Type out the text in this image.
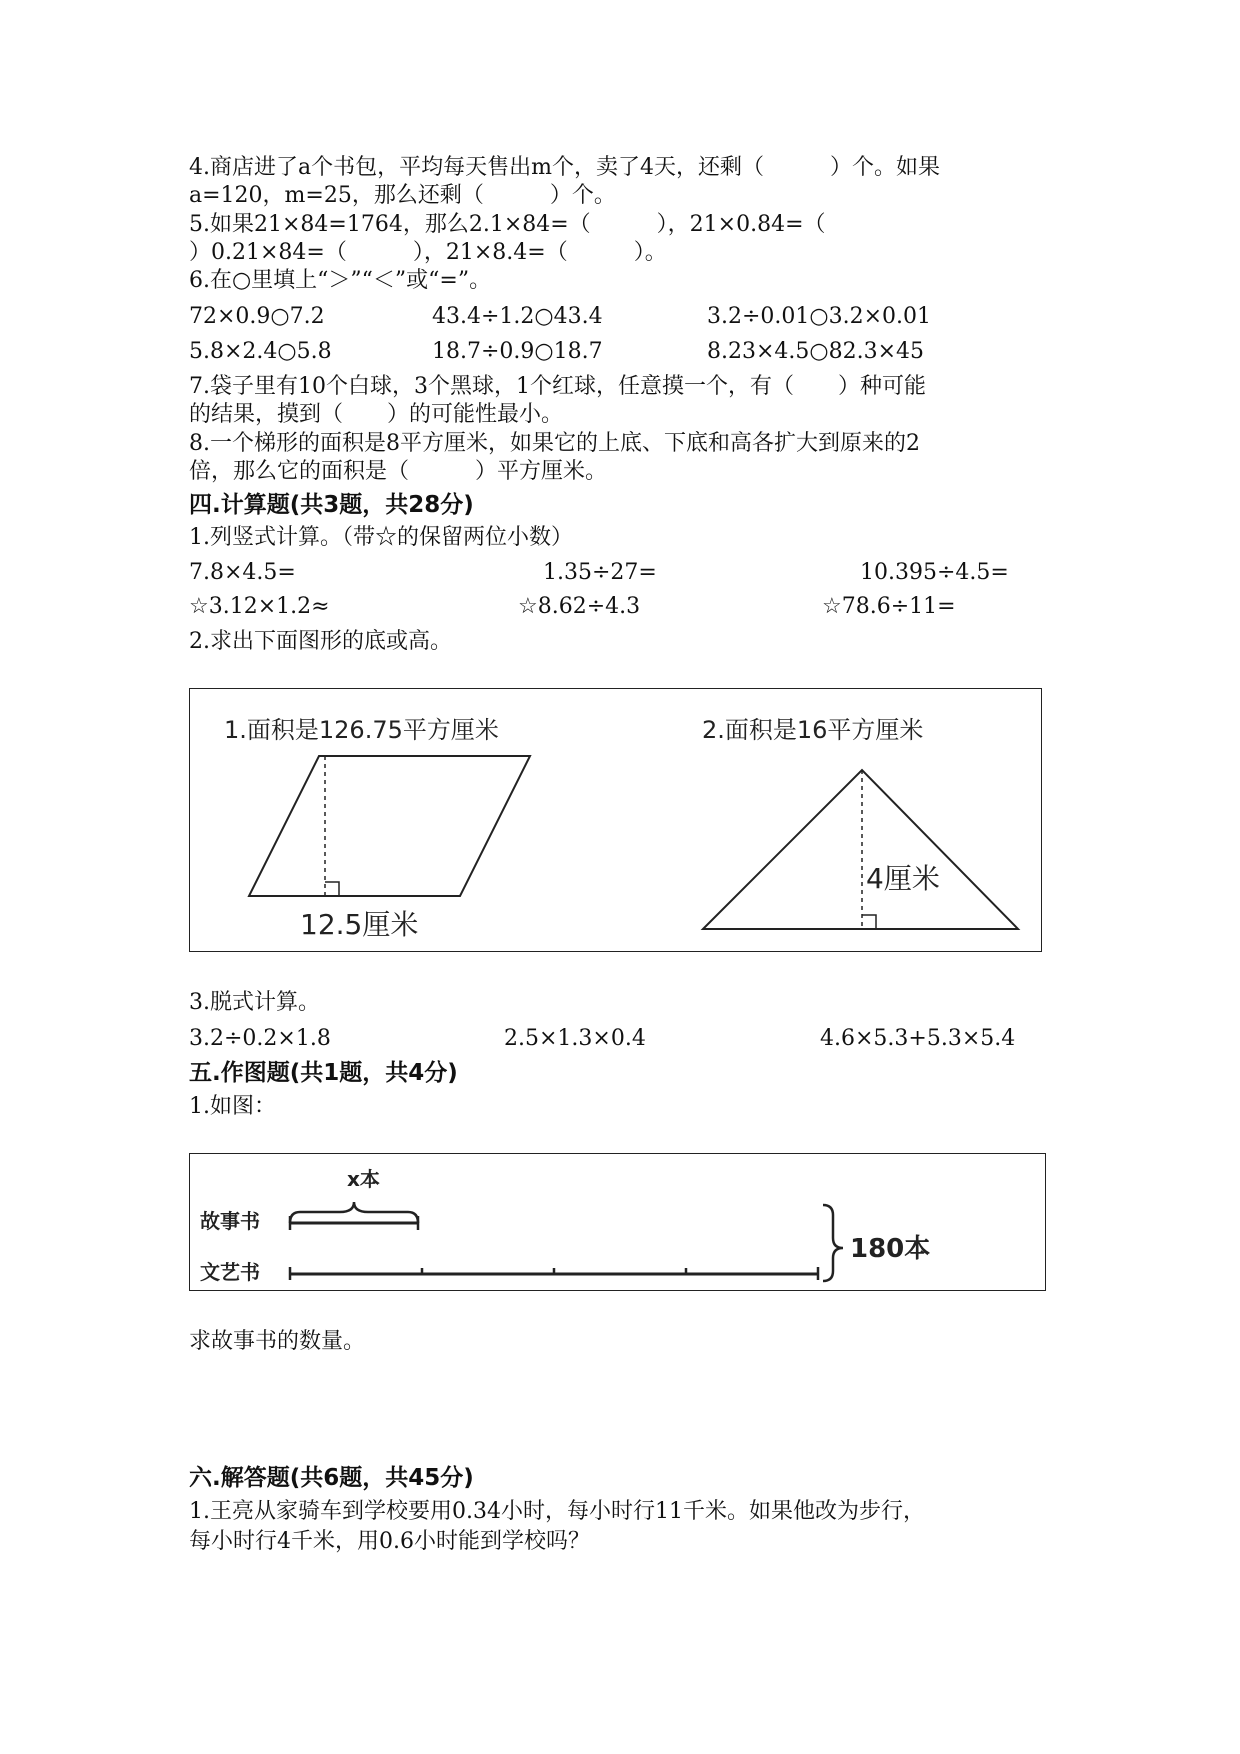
4.商店进了a个书包，平均每天售出m个，卖了4天，还剩（　　　）个。如果
a=120，m=25，那么还剩（　　　）个。
5.如果21×84=1764，那么2.1×84=（　　　），21×0.84=（
）0.21×84=（　　　），21×8.4=（　　　）。
6.在○里填上“＞”“＜”或“=”。
72×0.9○7.2	43.4÷1.2○43.4	3.2÷0.01○3.2×0.01
5.8×2.4○5.8	18.7÷0.9○18.7	8.23×4.5○82.3×45
7.袋子里有10个白球，3个黑球，1个红球，任意摸一个，有（　　）种可能
的结果，摸到（　　）的可能性最小。
8.一个梯形的面积是8平方厘米，如果它的上底、下底和高各扩大到原来的2
倍，那么它的面积是（　　　）平方厘米。
四.计算题(共3题，共28分)
1.列竖式计算。（带☆的保留两位小数）
7.8×4.5=	1.35÷27=	10.395÷4.5=
☆3.12×1.2≈	☆8.62÷4.3	☆78.6÷11=
2.求出下面图形的底或高。
1.面积是126.75平方厘米
12.5厘米
2.面积是16平方厘米
4厘米
3.脱式计算。
3.2÷0.2×1.8	2.5×1.3×0.4	4.6×5.3+5.3×5.4
五.作图题(共1题，共4分)
1.如图：
x本
故事书
文艺书
180本
求故事书的数量。
六.解答题(共6题，共45分)
1.王亮从家骑车到学校要用0.34小时，每小时行11千米。如果他改为步行，
每小时行4千米，用0.6小时能到学校吗？
